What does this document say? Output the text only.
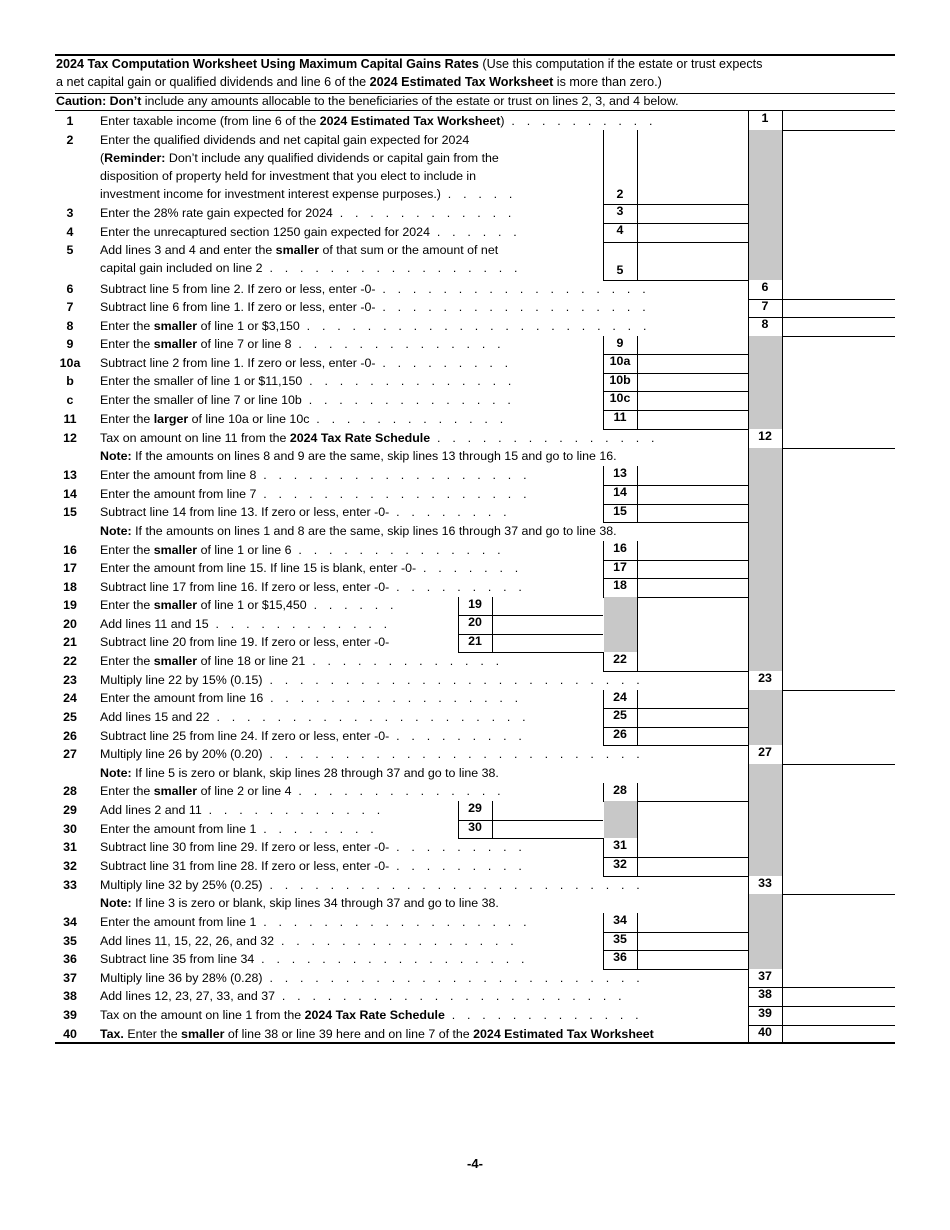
2024 Tax Computation Worksheet Using Maximum Capital Gains Rates (Use this computation if the estate or trust expects
a net capital gain or qualified dividends and line 6 of the 2024 Estimated Tax Worksheet is more than zero.)
Caution: Don’t include any amounts allocable to the beneficiaries of the estate or trust on lines 2, 3, and 4 below.
1	Enter taxable income (from line 6 of the 2024 Estimated Tax Worksheet) . . . . . . . . . .	1
2	Enter the qualified dividends and net capital gain expected for 2024
(Reminder: Don’t include any qualified dividends or capital gain from the
disposition of property held for investment that you elect to include in
investment income for investment interest expense purposes.) . . . . .	2
3	Enter the 28% rate gain expected for 2024 . . . . . . . . . . . .	3
4	Enter the unrecaptured section 1250 gain expected for 2024 . . . . . .	4
5	Add lines 3 and 4 and enter the smaller of that sum or the amount of net
capital gain included on line 2 . . . . . . . . . . . . . . . . .	5
6	Subtract line 5 from line 2. If zero or less, enter -0- . . . . . . . . . . . . . . . . . .	6
7	Subtract line 6 from line 1. If zero or less, enter -0- . . . . . . . . . . . . . . . . . .	7
8	Enter the smaller of line 1 or $3,150 . . . . . . . . . . . . . . . . . . . . . . .	8
9	Enter the smaller of line 7 or line 8 . . . . . . . . . . . . . .	9
10a Subtract line 2 from line 1. If zero or less, enter -0- . . . . . . . . .	10a
b	Enter the smaller of line 1 or $11,150 . . . . . . . . . . . . . .	10b
c	Enter the smaller of line 7 or line 10b . . . . . . . . . . . . . .	10c
11	Enter the larger of line 10a or line 10c . . . . . . . . . . . . .	11
12	Tax on amount on line 11 from the 2024 Tax Rate Schedule . . . . . . . . . . . . . . .	12
Note: If the amounts on lines 8 and 9 are the same, skip lines 13 through 15 and go to line 16.
13	Enter the amount from line 8 . . . . . . . . . . . . . . . . . .	13
14	Enter the amount from line 7 . . . . . . . . . . . . . . . . . .	14
15	Subtract line 14 from line 13. If zero or less, enter -0- . . . . . . . .	15
Note: If the amounts on lines 1 and 8 are the same, skip lines 16 through 37 and go to line 38.
16	Enter the smaller of line 1 or line 6 . . . . . . . . . . . . . .	16
17	Enter the amount from line 15. If line 15 is blank, enter -0- . . . . . . .	17
18	Subtract line 17 from line 16. If zero or less, enter -0- . . . . . . . . .	18
19	Enter the smaller of line 1 or $15,450 . . . . . .	19
20	Add lines 11 and 15 . . . . . . . . . . . .	20
21	Subtract line 20 from line 19. If zero or less, enter -0-	21
22	Enter the smaller of line 18 or line 21 . . . . . . . . . . . . .	22
23	Multiply line 22 by 15% (0.15) . . . . . . . . . . . . . . . . . . . . . . . . .	23
24	Enter the amount from line 16 . . . . . . . . . . . . . . . . .	24
25	Add lines 15 and 22 . . . . . . . . . . . . . . . . . . . . .	25
26	Subtract line 25 from line 24. If zero or less, enter -0- . . . . . . . . .	26
27	Multiply line 26 by 20% (0.20) . . . . . . . . . . . . . . . . . . . . . . . . .	27
Note: If line 5 is zero or blank, skip lines 28 through 37 and go to line 38.
28	Enter the smaller of line 2 or line 4 . . . . . . . . . . . . . .	28
29	Add lines 2 and 11 . . . . . . . . . . . .	29
30	Enter the amount from line 1 . . . . . . . .	30
31	Subtract line 30 from line 29. If zero or less, enter -0- . . . . . . . . .	31
32	Subtract line 31 from line 28. If zero or less, enter -0- . . . . . . . . .	32
33	Multiply line 32 by 25% (0.25) . . . . . . . . . . . . . . . . . . . . . . . . .	33
Note: If line 3 is zero or blank, skip lines 34 through 37 and go to line 38.
34	Enter the amount from line 1 . . . . . . . . . . . . . . . . . .	34
35	Add lines 11, 15, 22, 26, and 32 . . . . . . . . . . . . . . . .	35
36	Subtract line 35 from line 34 . . . . . . . . . . . . . . . . . .	36
37	Multiply line 36 by 28% (0.28) . . . . . . . . . . . . . . . . . . . . . . . . .	37
38	Add lines 12, 23, 27, 33, and 37 . . . . . . . . . . . . . . . . . . . . . . .	38
39	Tax on the amount on line 1 from the 2024 Tax Rate Schedule . . . . . . . . . . . . .	39
40	Tax. Enter the smaller of line 38 or line 39 here and on line 7 of the 2024 Estimated Tax Worksheet	40
-4-
